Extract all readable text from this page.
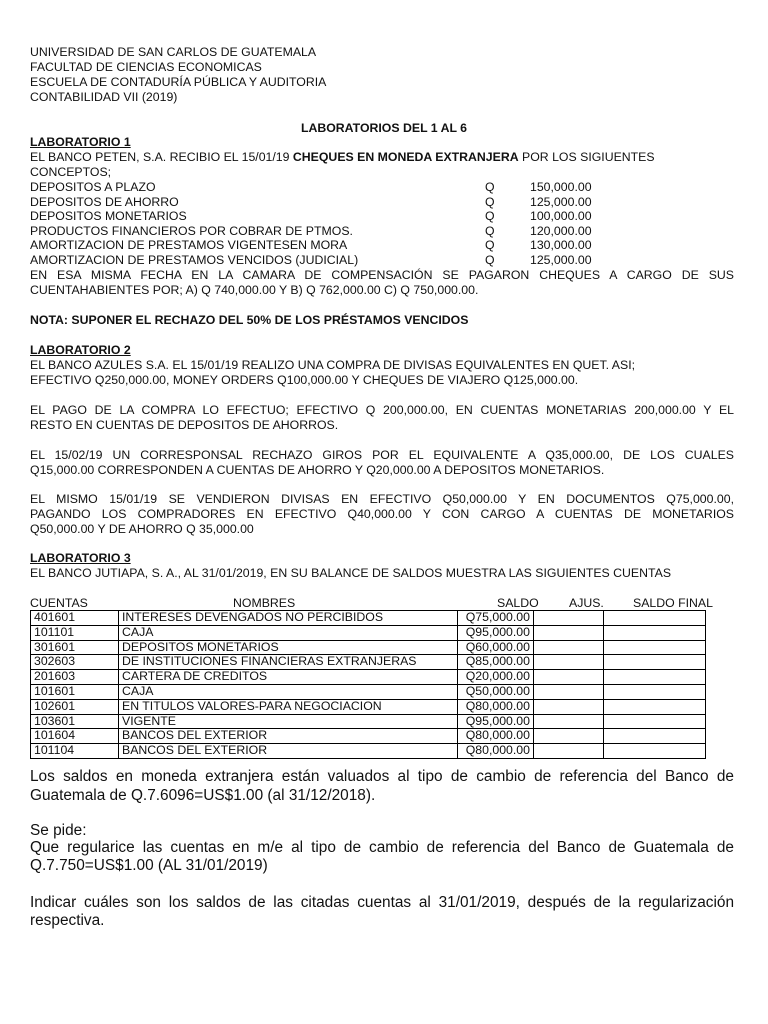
UNIVERSIDAD DE SAN CARLOS DE GUATEMALA
FACULTAD DE CIENCIAS ECONOMICAS
ESCUELA DE CONTADURÍA PÚBLICA Y AUDITORIA
CONTABILIDAD VII (2019)
LABORATORIOS DEL 1 AL 6
LABORATORIO 1
EL BANCO PETEN, S.A. RECIBIO EL 15/01/19 CHEQUES EN MONEDA EXTRANJERA POR LOS SIGIUENTES
CONCEPTOS;
DEPOSITOS A PLAZO	Q	150,000.00
DEPOSITOS DE AHORRO	Q	125,000.00
DEPOSITOS MONETARIOS	Q	100,000.00
PRODUCTOS FINANCIEROS POR COBRAR DE PTMOS.	Q	120,000.00
AMORTIZACION DE PRESTAMOS VIGENTESEN MORA	Q	130,000.00
AMORTIZACION DE PRESTAMOS VENCIDOS (JUDICIAL)	Q	125,000.00
EN ESA MISMA FECHA EN LA CAMARA DE COMPENSACIÓN SE PAGARON CHEQUES A CARGO DE SUS
CUENTAHABIENTES POR; A) Q 740,000.00 Y B) Q 762,000.00 C) Q 750,000.00.
NOTA: SUPONER EL RECHAZO DEL 50% DE LOS PRÉSTAMOS VENCIDOS
LABORATORIO 2
EL BANCO AZULES S.A. EL 15/01/19 REALIZO UNA COMPRA DE DIVISAS EQUIVALENTES EN QUET. ASI;
EFECTIVO Q250,000.00, MONEY ORDERS Q100,000.00 Y CHEQUES DE VIAJERO Q125,000.00.
EL PAGO DE LA COMPRA LO EFECTUO; EFECTIVO Q 200,000.00, EN CUENTAS MONETARIAS 200,000.00 Y EL
RESTO EN CUENTAS DE DEPOSITOS DE AHORROS.
EL 15/02/19 UN CORRESPONSAL RECHAZO GIROS POR EL EQUIVALENTE A Q35,000.00, DE LOS CUALES
Q15,000.00 CORRESPONDEN A CUENTAS DE AHORRO Y Q20,000.00 A DEPOSITOS MONETARIOS.
EL MISMO 15/01/19 SE VENDIERON DIVISAS EN EFECTIVO Q50,000.00 Y EN DOCUMENTOS Q75,000.00,
PAGANDO LOS COMPRADORES EN EFECTIVO Q40,000.00 Y CON CARGO A CUENTAS DE MONETARIOS
Q50,000.00 Y DE AHORRO Q 35,000.00
LABORATORIO 3
EL BANCO JUTIAPA, S. A., AL 31/01/2019, EN SU BALANCE DE SALDOS MUESTRA LAS SIGUIENTES CUENTAS
CUENTAS	NOMBRES	SALDO AJUS. SALDO FINAL
401601	INTERESES DEVENGADOS NO PERCIBIDOS	Q75,000.00		
101101	CAJA	Q95,000.00		
301601	DEPOSITOS MONETARIOS	Q60,000.00		
302603	DE INSTITUCIONES FINANCIERAS EXTRANJERAS	Q85,000.00		
201603	CARTERA DE CREDITOS	Q20,000.00		
101601	CAJA	Q50,000.00		
102601	EN TITULOS VALORES-PARA NEGOCIACION	Q80,000.00		
103601	VIGENTE	Q95,000.00		
101604	BANCOS DEL EXTERIOR	Q80,000.00		
101104	BANCOS DEL EXTERIOR	Q80,000.00		
Los saldos en moneda extranjera están valuados al tipo de cambio de referencia del Banco de
Guatemala de Q.7.6096=US$1.00 (al 31/12/2018).
Se pide:
Que regularice las cuentas en m/e al tipo de cambio de referencia del Banco de Guatemala de
Q.7.750=US$1.00 (AL 31/01/2019)
Indicar cuáles son los saldos de las citadas cuentas al 31/01/2019, después de la regularización
respectiva.
